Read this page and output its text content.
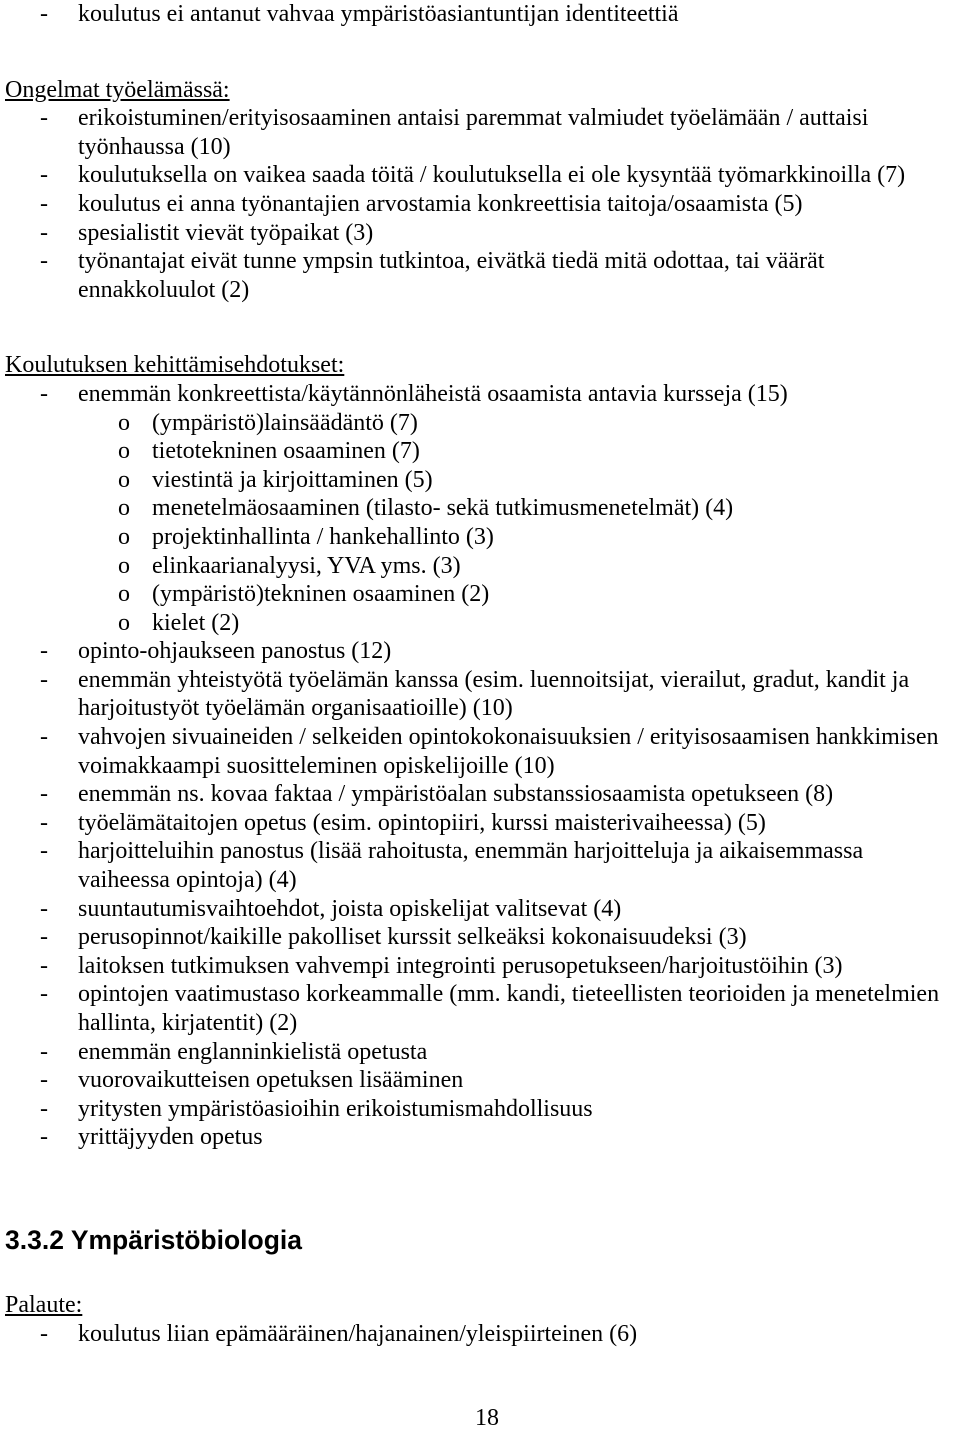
- koulutus ei antanut vahvaa ympäristöasiantuntijan identiteettiä
Ongelmat työelämässä:
- erikoistuminen/erityisosaaminen antaisi paremmat valmiudet työelämään / auttaisi
työnhaussa (10)
- koulutuksella on vaikea saada töitä / koulutuksella ei ole kysyntää työmarkkinoilla (7)
- koulutus ei anna työnantajien arvostamia konkreettisia taitoja/osaamista (5)
- spesialistit vievät työpaikat (3)
- työnantajat eivät tunne ympsin tutkintoa, eivätkä tiedä mitä odottaa, tai väärät
ennakkoluulot (2)
Koulutuksen kehittämisehdotukset:
- enemmän konkreettista/käytännönläheistä osaamista antavia kursseja (15)
o (ympäristö)lainsäädäntö (7)
o tietotekninen osaaminen (7)
o viestintä ja kirjoittaminen (5)
o menetelmäosaaminen (tilasto- sekä tutkimusmenetelmät) (4)
o projektinhallinta / hankehallinto (3)
o elinkaarianalyysi, YVA yms. (3)
o (ympäristö)tekninen osaaminen (2)
o kielet (2)
- opinto-ohjaukseen panostus (12)
- enemmän yhteistyötä työelämän kanssa (esim. luennoitsijat, vierailut, gradut, kandit ja
harjoitustyöt työelämän organisaatioille) (10)
- vahvojen sivuaineiden / selkeiden opintokokonaisuuksien / erityisosaamisen hankkimisen
voimakkaampi suositteleminen opiskelijoille (10)
- enemmän ns. kovaa faktaa / ympäristöalan substanssiosaamista opetukseen (8)
- työelämätaitojen opetus (esim. opintopiiri, kurssi maisterivaiheessa) (5)
- harjoitteluihin panostus (lisää rahoitusta, enemmän harjoitteluja ja aikaisemmassa
vaiheessa opintoja) (4)
- suuntautumisvaihtoehdot, joista opiskelijat valitsevat (4)
- perusopinnot/kaikille pakolliset kurssit selkeäksi kokonaisuudeksi (3)
- laitoksen tutkimuksen vahvempi integrointi perusopetukseen/harjoitustöihin (3)
- opintojen vaatimustaso korkeammalle (mm. kandi, tieteellisten teorioiden ja menetelmien
hallinta, kirjatentit) (2)
- enemmän englanninkielistä opetusta
- vuorovaikutteisen opetuksen lisääminen
- yritysten ympäristöasioihin erikoistumismahdollisuus
- yrittäjyyden opetus
3.3.2 Ympäristöbiologia
Palaute:
- koulutus liian epämääräinen/hajanainen/yleispiirteinen (6)
18
